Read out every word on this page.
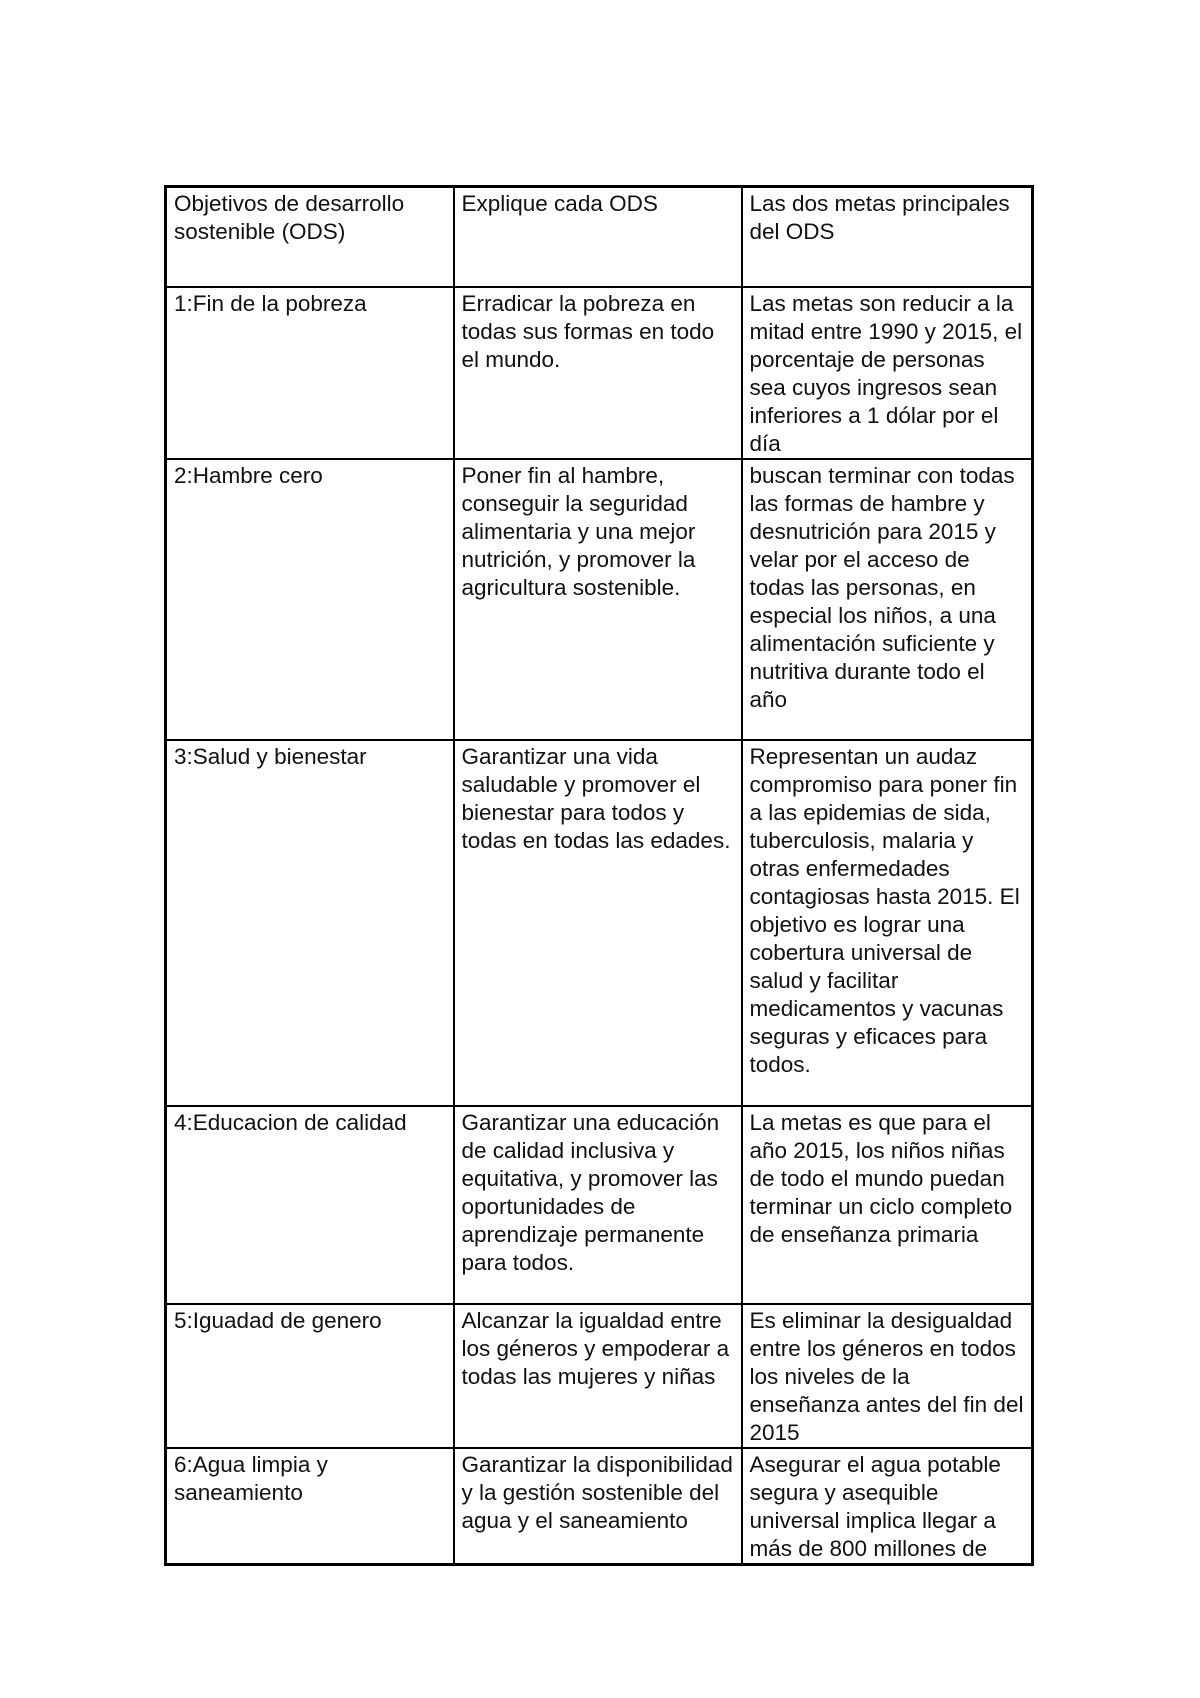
Objetivos de desarrollo sostenible (ODS)	Explique cada ODS	Las dos metas principales del ODS
1:Fin de la pobreza	Erradicar la pobreza en todas sus formas en todo el mundo.	Las metas son reducir a la mitad entre 1990 y 2015, el porcentaje de personas sea cuyos ingresos sean inferiores a 1 dólar por el día
2:Hambre cero	Poner fin al hambre, conseguir la seguridad alimentaria y una mejor nutrición, y promover la agricultura sostenible.	buscan terminar con todas las formas de hambre y desnutrición para 2015 y velar por el acceso de todas las personas, en especial los niños, a una alimentación suficiente y nutritiva durante todo el año
3:Salud y bienestar	Garantizar una vida saludable y promover el bienestar para todos y todas en todas las edades.	Representan un audaz compromiso para poner fin a las epidemias de sida, tuberculosis, malaria y otras enfermedades contagiosas hasta 2015. El objetivo es lograr una cobertura universal de salud y facilitar medicamentos y vacunas seguras y eficaces para todos.
4:Educacion de calidad	Garantizar una educación de calidad inclusiva y equitativa, y promover las oportunidades de aprendizaje permanente para todos.	La metas es que para el año 2015, los niños niñas de todo el mundo puedan terminar un ciclo completo de enseñanza primaria
5:Iguadad de genero	Alcanzar la igualdad entre los géneros y empoderar a todas las mujeres y niñas	Es eliminar la desigualdad entre los géneros en todos los niveles de la enseñanza antes del fin del 2015
6:Agua limpia y saneamiento	Garantizar la disponibilidad y la gestión sostenible del agua y el saneamiento	Asegurar el agua potable segura y asequible universal implica llegar a más de 800 millones de
